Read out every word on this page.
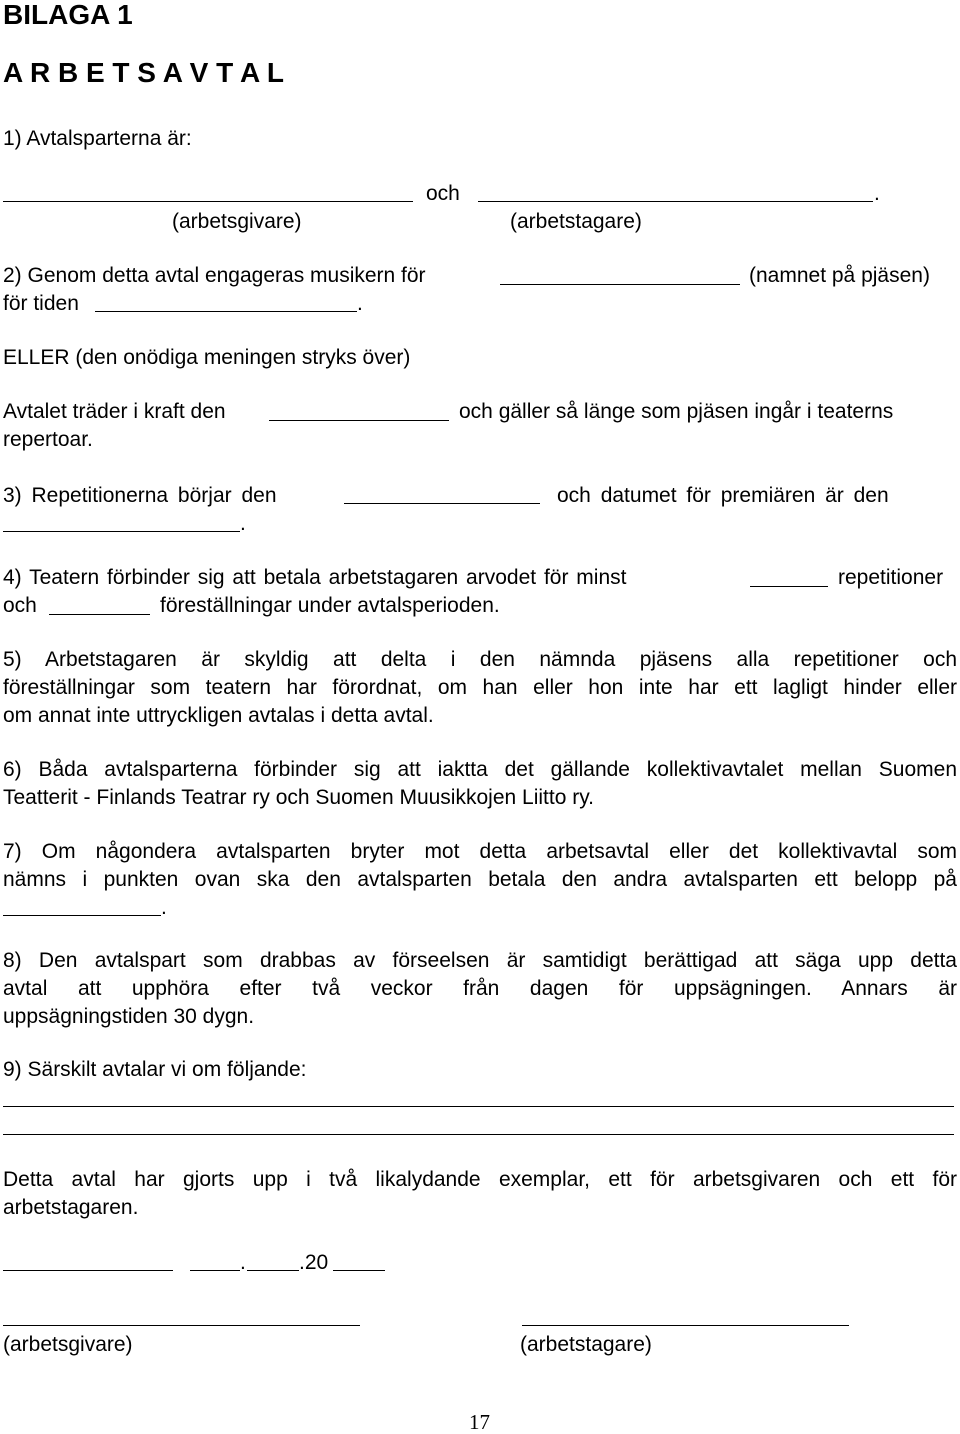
BILAGA 1
A R B E T S A V T A L
1) Avtalsparterna är:
och	.
(arbetsgivare)	(arbetstagare)
2) Genom detta avtal engageras musikern för	(namnet på pjäsen)
för tiden	.
ELLER (den onödiga meningen stryks över)
Avtalet träder i kraft den	och gäller så länge som pjäsen ingår i teaterns
repertoar.
3) Repetitionerna börjar den	och datumet för premiären är den
.
4) Teatern förbinder sig att betala arbetstagaren arvodet för minst	repetitioner
och	föreställningar under avtalsperioden.
5) Arbetstagaren är skyldig att delta i den nämnda pjäsens alla repetitioner och
föreställningar som teatern har förordnat, om han eller hon inte har ett lagligt hinder eller
om annat inte uttryckligen avtalas i detta avtal.
6) Båda avtalsparterna förbinder sig att iaktta det gällande kollektivavtalet mellan Suomen
Teatterit - Finlands Teatrar ry och Suomen Muusikkojen Liitto ry.
7) Om någondera avtalsparten bryter mot detta arbetsavtal eller det kollektivavtal som
nämns i punkten ovan ska den avtalsparten betala den andra avtalsparten ett belopp på
.
8) Den avtalspart som drabbas av förseelsen är samtidigt berättigad att säga upp detta
avtal att upphöra efter två veckor från dagen för uppsägningen. Annars är
uppsägningstiden 30 dygn.
9) Särskilt avtalar vi om följande:
Detta avtal har gjorts upp i två likalydande exemplar, ett för arbetsgivaren och ett för
arbetstagaren.
.	.20
(arbetsgivare)	(arbetstagare)
17
